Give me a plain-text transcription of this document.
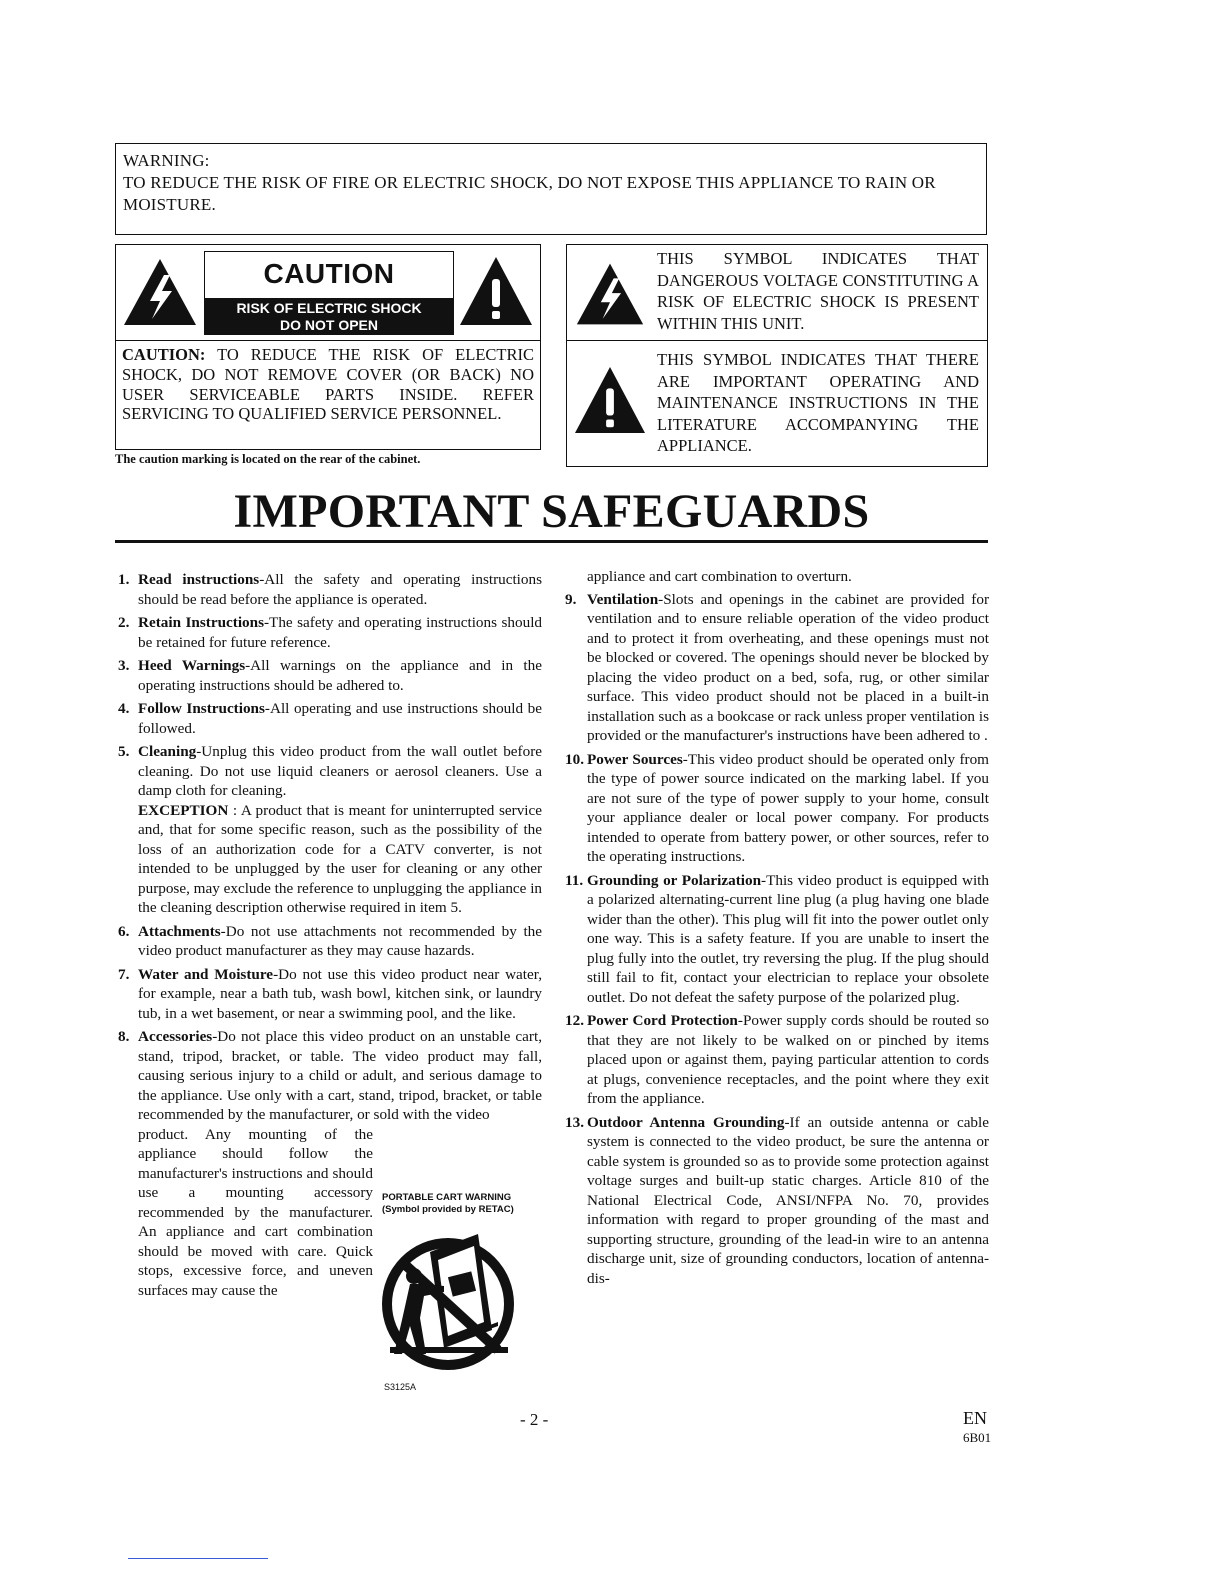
WARNING:
TO REDUCE THE RISK OF FIRE OR ELECTRIC SHOCK, DO NOT EXPOSE THIS APPLIANCE TO RAIN OR MOISTURE.
CAUTION
RISK OF ELECTRIC SHOCK
DO NOT OPEN
CAUTION: TO REDUCE THE RISK OF ELECTRIC SHOCK, DO NOT REMOVE COVER (OR BACK) NO USER SERVICEABLE PARTS INSIDE. REFER SERVICING TO QUALIFIED SERVICE PERSONNEL.
The caution marking is located on the rear of the cabinet.
THIS SYMBOL INDICATES THAT DANGEROUS VOLTAGE CONSTITUTING A RISK OF ELECTRIC SHOCK IS PRESENT WITHIN THIS UNIT.
THIS SYMBOL INDICATES THAT THERE ARE IMPORTANT OPERATING AND MAINTENANCE INSTRUCTIONS IN THE LITERATURE ACCOMPANYING THE APPLIANCE.
IMPORTANT SAFEGUARDS
1. Read instructions-All the safety and operating instructions should be read before the appliance is operated.
2. Retain Instructions-The safety and operating instructions should be retained for future reference.
3. Heed Warnings-All warnings on the appliance and in the operating instructions should be adhered to.
4. Follow Instructions-All operating and use instructions should be followed.
5. Cleaning-Unplug this video product from the wall outlet before cleaning. Do not use liquid cleaners or aerosol cleaners. Use a damp cloth for cleaning.
EXCEPTION : A product that is meant for uninterrupted service and, that for some specific reason, such as the possibility of the loss of an authorization code for a CATV converter, is not intended to be unplugged by the user for cleaning or any other purpose, may exclude the reference to unplugging the appliance in the cleaning description otherwise required in item 5.
6. Attachments-Do not use attachments not recommended by the video product manufacturer as they may cause hazards.
7. Water and Moisture-Do not use this video product near water, for example, near a bath tub, wash bowl, kitchen sink, or laundry tub, in a wet basement, or near a swimming pool, and the like.
8. Accessories-Do not place this video product on an unstable cart, stand, tripod, bracket, or table. The video product may fall, causing serious injury to a child or adult, and serious damage to the appliance. Use only with a cart, stand, tripod, bracket, or table recommended by the manufacturer, or sold with the video
product. Any mounting of the appliance should follow the manufacturer's instructions and should use a mounting accessory recommended by the manufacturer. An appliance and cart combination should be moved with care. Quick stops, excessive force, and uneven surfaces may cause the
PORTABLE CART WARNING
(Symbol provided by RETAC)
S3125A
appliance and cart combination to overturn.
9. Ventilation-Slots and openings in the cabinet are provided for ventilation and to ensure reliable operation of the video product and to protect it from overheating, and these openings must not be blocked or covered. The openings should never be blocked by placing the video product on a bed, sofa, rug, or other similar surface. This video product should not be placed in a built-in installation such as a bookcase or rack unless proper ventilation is provided or the manufacturer's instructions have been adhered to .
10. Power Sources-This video product should be operated only from the type of power source indicated on the marking label. If you are not sure of the type of power supply to your home, consult your appliance dealer or local power company. For products intended to operate from battery power, or other sources, refer to the operating instructions.
11. Grounding or Polarization-This video product is equipped with a polarized alternating-current line plug (a plug having one blade wider than the other). This plug will fit into the power outlet only one way. This is a safety feature. If you are unable to insert the plug fully into the outlet, try reversing the plug. If the plug should still fail to fit, contact your electrician to replace your obsolete outlet. Do not defeat the safety purpose of the polarized plug.
12. Power Cord Protection-Power supply cords should be routed so that they are not likely to be walked on or pinched by items placed upon or against them, paying particular attention to cords at plugs, convenience receptacles, and the point where they exit from the appliance.
13. Outdoor Antenna Grounding-If an outside antenna or cable system is connected to the video product, be sure the antenna or cable system is grounded so as to provide some protection against voltage surges and built-up static charges. Article 810 of the National Electrical Code, ANSI/NFPA No. 70, provides information with regard to proper grounding of the mast and supporting structure, grounding of the lead-in wire to an antenna discharge unit, size of grounding conductors, location of antenna-dis-
- 2 -	EN
6B01
